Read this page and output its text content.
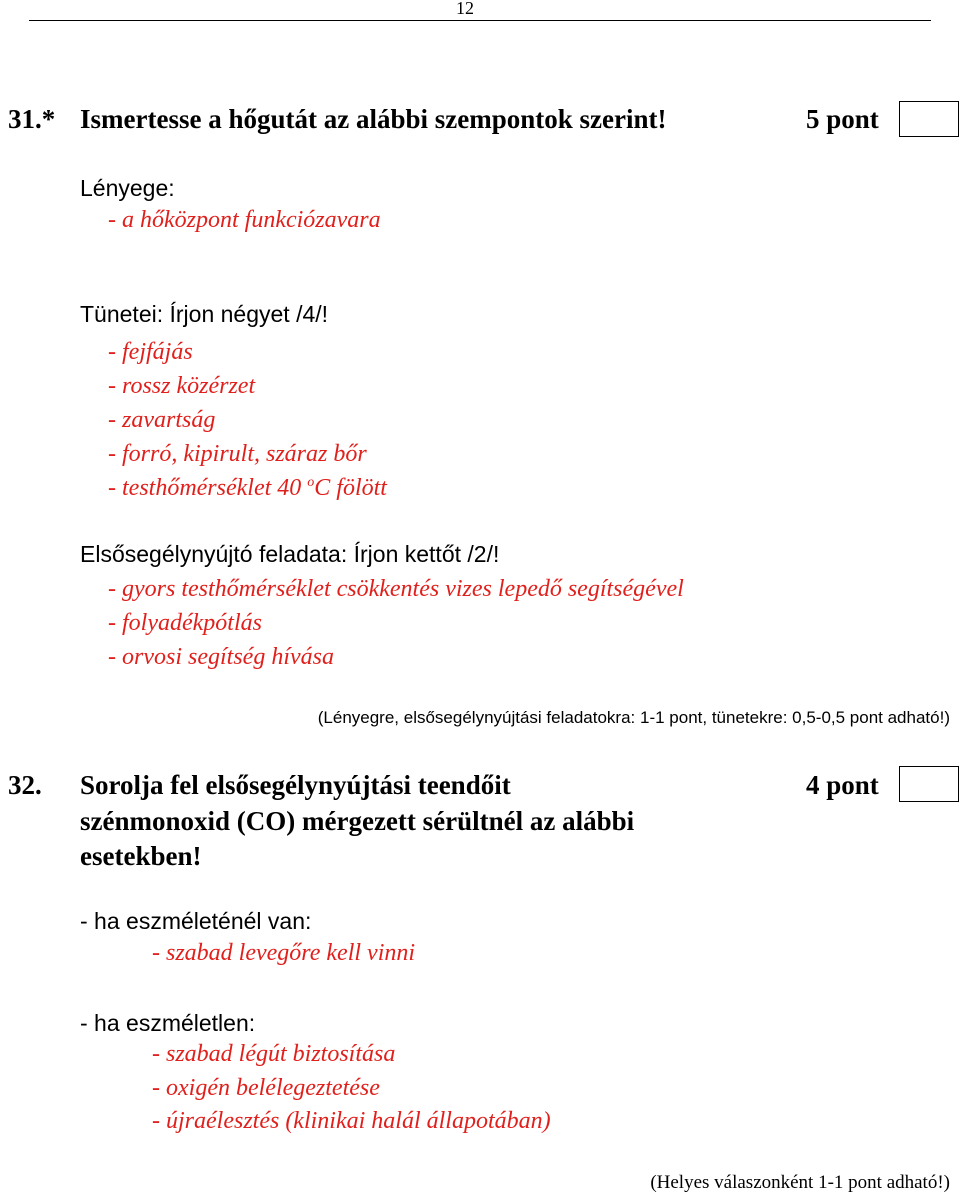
12
31.* Ismertesse a hőgutát az alábbi szempontok szerint!	5 pont
Lényege:
- a hőközpont funkciózavara
Tünetei: Írjon négyet /4/!
- fejfájás
- rossz közérzet
- zavartság
- forró, kipirult, száraz bőr
- testhőmérséklet 40 $^o$C fölött
Elsősegélynyújtó feladata: Írjon kettőt /2/!
- gyors testhőmérséklet csökkentés vizes lepedő segítségével
- folyadékpótlás
- orvosi segítség hívása
(Lényegre, elsősegélynyújtási feladatokra: 1-1 pont, tünetekre: 0,5-0,5 pont adható!)
32. Sorolja fel elsősegélynyújtási teendőit
szénmonoxid (CO) mérgezett sérültnél az alábbi
esetekben!
4 pont
- ha eszméleténél van:
- szabad levegőre kell vinni
- ha eszméletlen:
- szabad légút biztosítása
- oxigén belélegeztetése
- újraélesztés (klinikai halál állapotában)
(Helyes válaszonként 1-1 pont adható!)
